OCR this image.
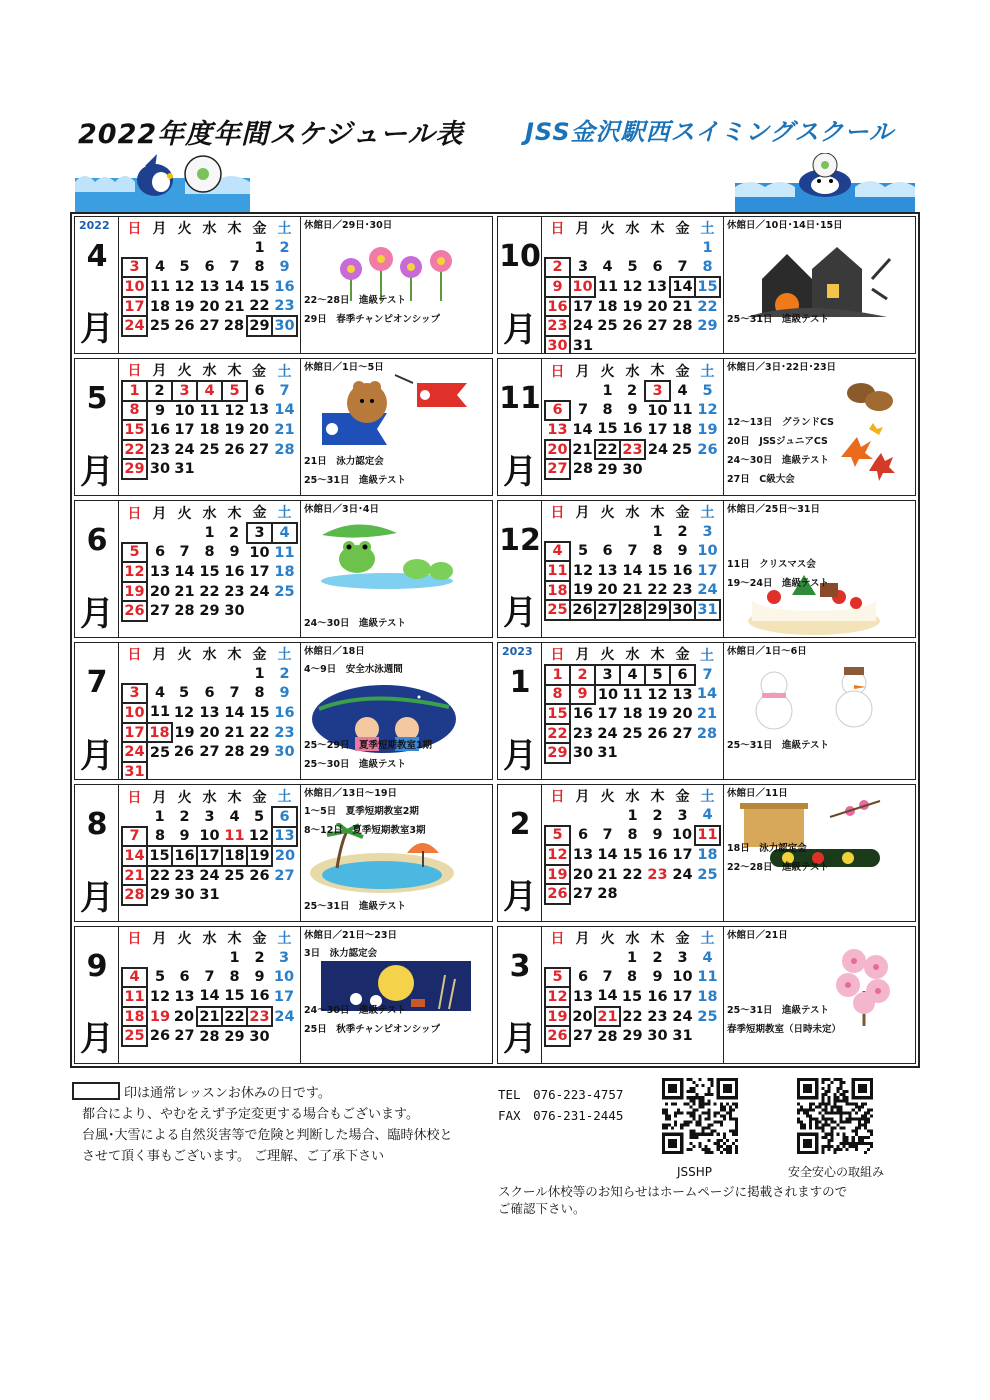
2022年度年間スケジュール表	JSS金沢駅西スイミングスクール
2022
4
月
日	月	火	水	木	金	土
					1	2
3	4	5	6	7	8	9
10	11	12	13	14	15	16
17	18	19	20	21	22	23
24	25	26	27	28	29	30

休館日／29日･30日
22～28日　進級テスト
29日　春季チャンピオンシップ
10
月
日	月	火	水	木	金	土
						1
2	3	4	5	6	7	8
9	10	11	12	13	14	15
16	17	18	19	20	21	22
23	24	25	26	27	28	29
30	31					
休館日／10日･14日･15日
25～31日　進級テスト
5
月
日	月	火	水	木	金	土
1	2	3	4	5	6	7
8	9	10	11	12	13	14
15	16	17	18	19	20	21
22	23	24	25	26	27	28
29	30	31				

休館日／1日～5日
21日　泳力認定会
25～31日　進級テスト
11
月
日	月	火	水	木	金	土
		1	2	3	4	5
6	7	8	9	10	11	12
13	14	15	16	17	18	19
20	21	22	23	24	25	26
27	28	29	30			

休館日／3日･22日･23日
12～13日　グランドCS
20日　JSSジュニアCS
24～30日　進級テスト
27日　C級大会
6
月
日	月	火	水	木	金	土
			1	2	3	4
5	6	7	8	9	10	11
12	13	14	15	16	17	18
19	20	21	22	23	24	25
26	27	28	29	30		

休館日／3日･4日
24～30日　進級テスト
12
月
日	月	火	水	木	金	土
				1	2	3
4	5	6	7	8	9	10
11	12	13	14	15	16	17
18	19	20	21	22	23	24
25	26	27	28	29	30	31

休館日／25日～31日
11日　クリスマス会
19～24日　進級テスト
7
月
日	月	火	水	木	金	土
					1	2
3	4	5	6	7	8	9
10	11	12	13	14	15	16
17	18	19	20	21	22	23
24	25	26	27	28	29	30
31						
休館日／18日
4～9日　安全水泳週間

25～29日　夏季短期教室1期
25～30日　進級テスト
2023
1
月
日	月	火	水	木	金	土
1	2	3	4	5	6	7
8	9	10	11	12	13	14
15	16	17	18	19	20	21
22	23	24	25	26	27	28
29	30	31				

休館日／1日～6日
25～31日　進級テスト
8
月
日	月	火	水	木	金	土
	1	2	3	4	5	6
7	8	9	10	11	12	13
14	15	16	17	18	19	20
21	22	23	24	25	26	27
28	29	30	31			

休館日／13日～19日
1～5日　夏季短期教室2期
8～12日　夏季短期教室3期

25～31日　進級テスト
2
月
日	月	火	水	木	金	土
			1	2	3	4
5	6	7	8	9	10	11
12	13	14	15	16	17	18
19	20	21	22	23	24	25
26	27	28				

休館日／11日
18日　泳力認定会
22～28日　進級テスト
9
月
日	月	火	水	木	金	土
				1	2	3
4	5	6	7	8	9	10
11	12	13	14	15	16	17
18	19	20	21	22	23	24
25	26	27	28	29	30	

休館日／21日～23日
3日　泳力認定会

24～30日　進級テスト
25日　秋季チャンピオンシップ
3
月
日	月	火	水	木	金	土
			1	2	3	4
5	6	7	8	9	10	11
12	13	14	15	16	17	18
19	20	21	22	23	24	25
26	27	28	29	30	31	

休館日／21日
25～31日　進級テスト
春季短期教室（日時未定）
印は通常レッスンお休みの日です。
都合により、やむをえず予定変更する場合もございます。
台風･大雪による自然災害等で危険と判断した場合、臨時休校と
させて頂く事もございます。 ご理解、ご了承下さい
TEL　076-223-4757
FAX　076-231-2445
JSSHP	安全安心の取組み
スクール休校等のお知らせはホームページに掲載されますので
ご確認下さい。
